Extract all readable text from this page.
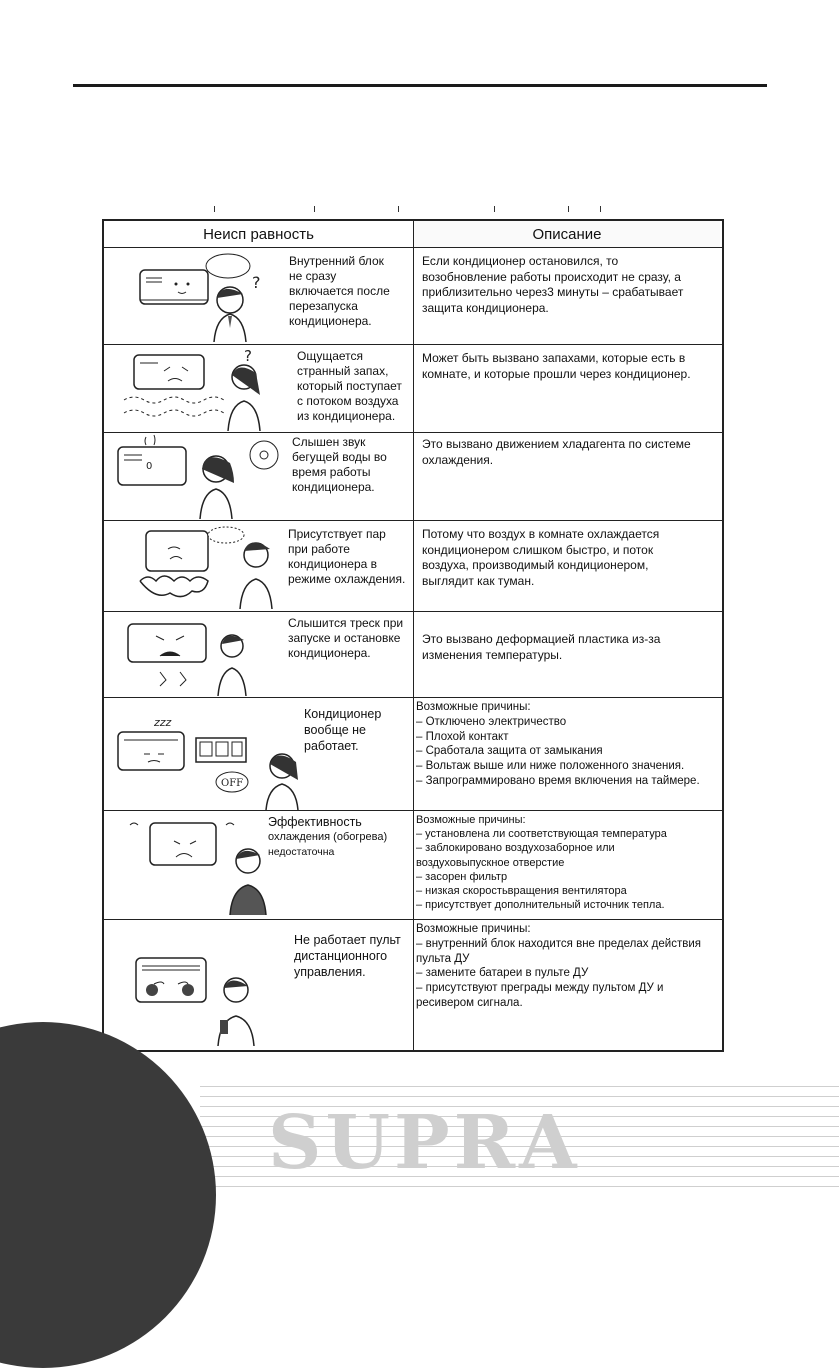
Неисп равность	Описание
?
Внутренний блок
не сразу
включается после
перезапуска
кондиционера.
Если кондиционер остановился, то
возобновление работы происходит не сразу, а
приблизительно через3 минуты – срабатывает
защита кондиционера.
?	Ощущается
странный запах,
который поступает
с потоком воздуха
из кондиционера.
Может быть вызвано запахами, которые есть в
комнате, и которые прошли через кондиционер.
0
Слышен звук
бегущей воды во
время работы
кондиционера.
Это вызвано движением хладагента по системе
охлаждения.
Присутствует пар
при работе
кондиционера в
режиме охлаждения.
Потому что воздух в комнате охлаждается
кондиционером слишком быстро, и поток
воздуха, производимый кондиционером,
выглядит как туман.
Слышится треск при
запуске и остановке
кондиционера.
Это вызвано деформацией пластика из-за
изменения температуры.
zzz
OFF
Кондиционер
вообще не
работает.
Возможные причины:
– Отключено электричество
– Плохой контакт
– Сработала защита от замыкания
– Вольтаж выше или ниже положенного значения.
– Запрограммировано время включения на таймере.
Эффективность
охлаждения (обогрева)
недостаточна
Возможные причины:
– установлена ли соответствующая температура
– заблокировано воздухозаборное или
воздуховыпускное отверстие
– засорен фильтр
– низкая скоростьвращения вентилятора
– присутствует дополнительный источник тепла.
Не работает пульт
дистанционного
управления.
Возможные причины:
– внутренний блок находится вне пределах действия
пульта ДУ
– замените батареи в пульте ДУ
– присутствуют преграды между пультом ДУ и
ресивером сигнала.
SUPRA
